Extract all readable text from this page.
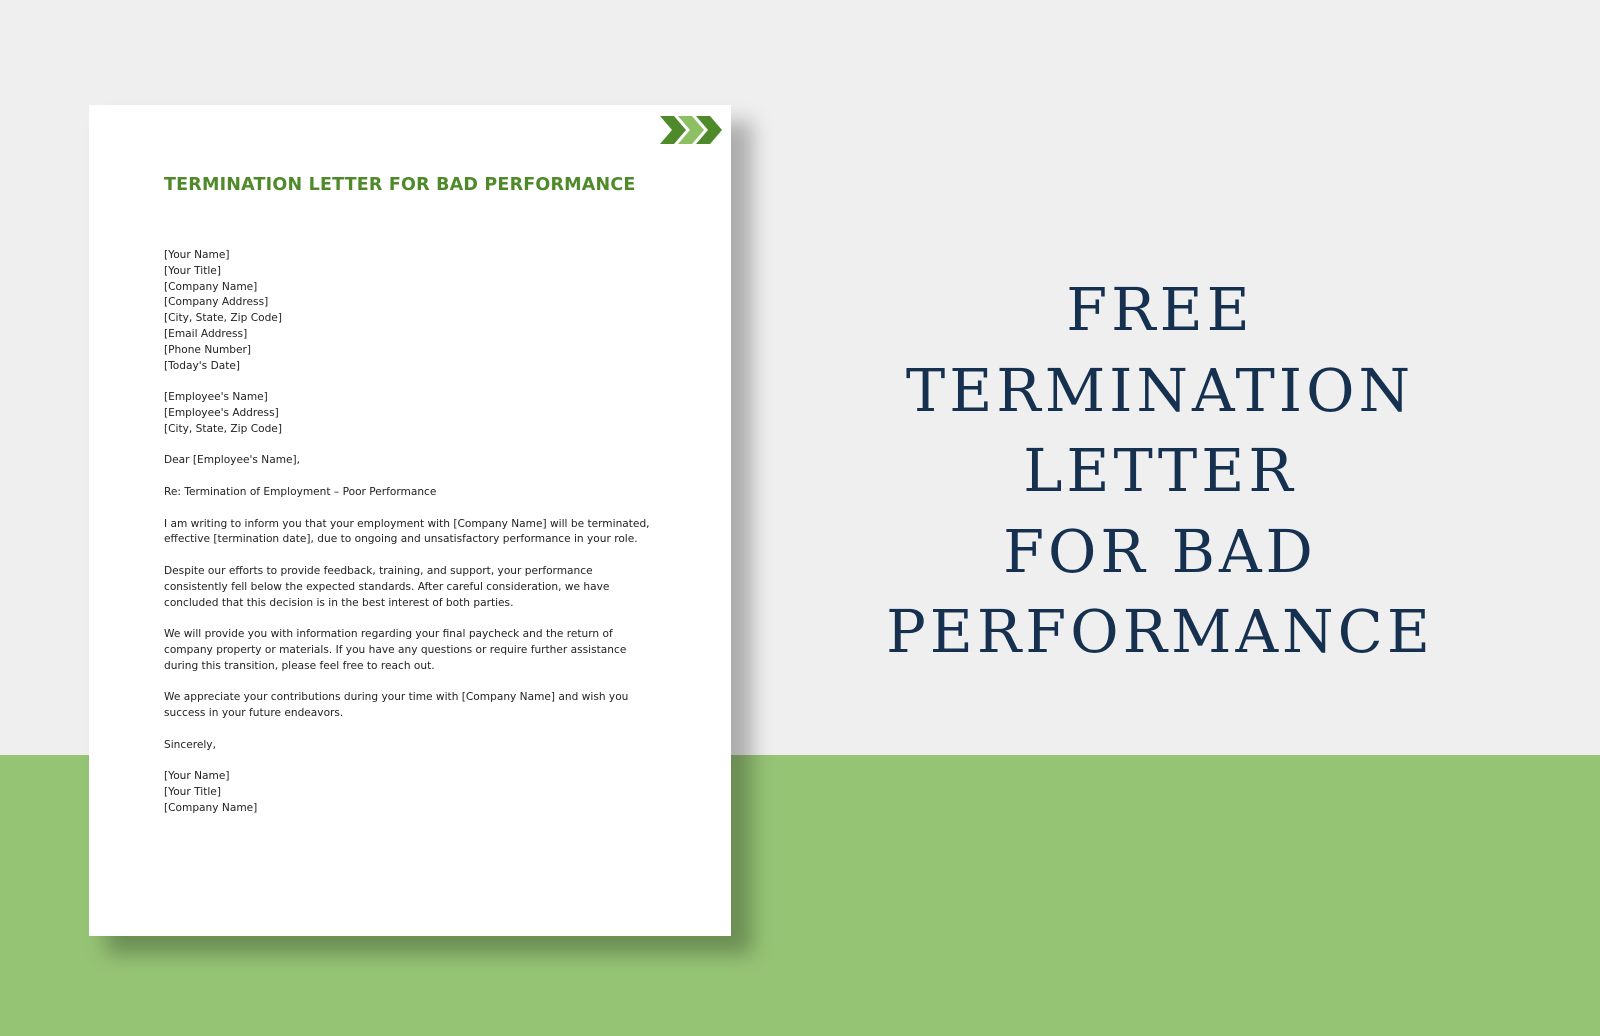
TERMINATION LETTER FOR BAD PERFORMANCE
[Your Name]
[Your Title]
[Company Name]
[Company Address]
[City, State, Zip Code]
[Email Address]
[Phone Number]
[Today's Date]
[Employee's Name]
[Employee's Address]
[City, State, Zip Code]

Dear [Employee's Name],

Re: Termination of Employment – Poor Performance

I am writing to inform you that your employment with [Company Name] will be terminated,
effective [termination date], due to ongoing and unsatisfactory performance in your role.

Despite our efforts to provide feedback, training, and support, your performance
consistently fell below the expected standards. After careful consideration, we have
concluded that this decision is in the best interest of both parties.

We will provide you with information regarding your final paycheck and the return of
company property or materials. If you have any questions or require further assistance
during this transition, please feel free to reach out.

We appreciate your contributions during your time with [Company Name] and wish you
success in your future endeavors.

Sincerely,

[Your Name]
[Your Title]
[Company Name]
FREE
TERMINATION
LETTER
FOR BAD
PERFORMANCE
